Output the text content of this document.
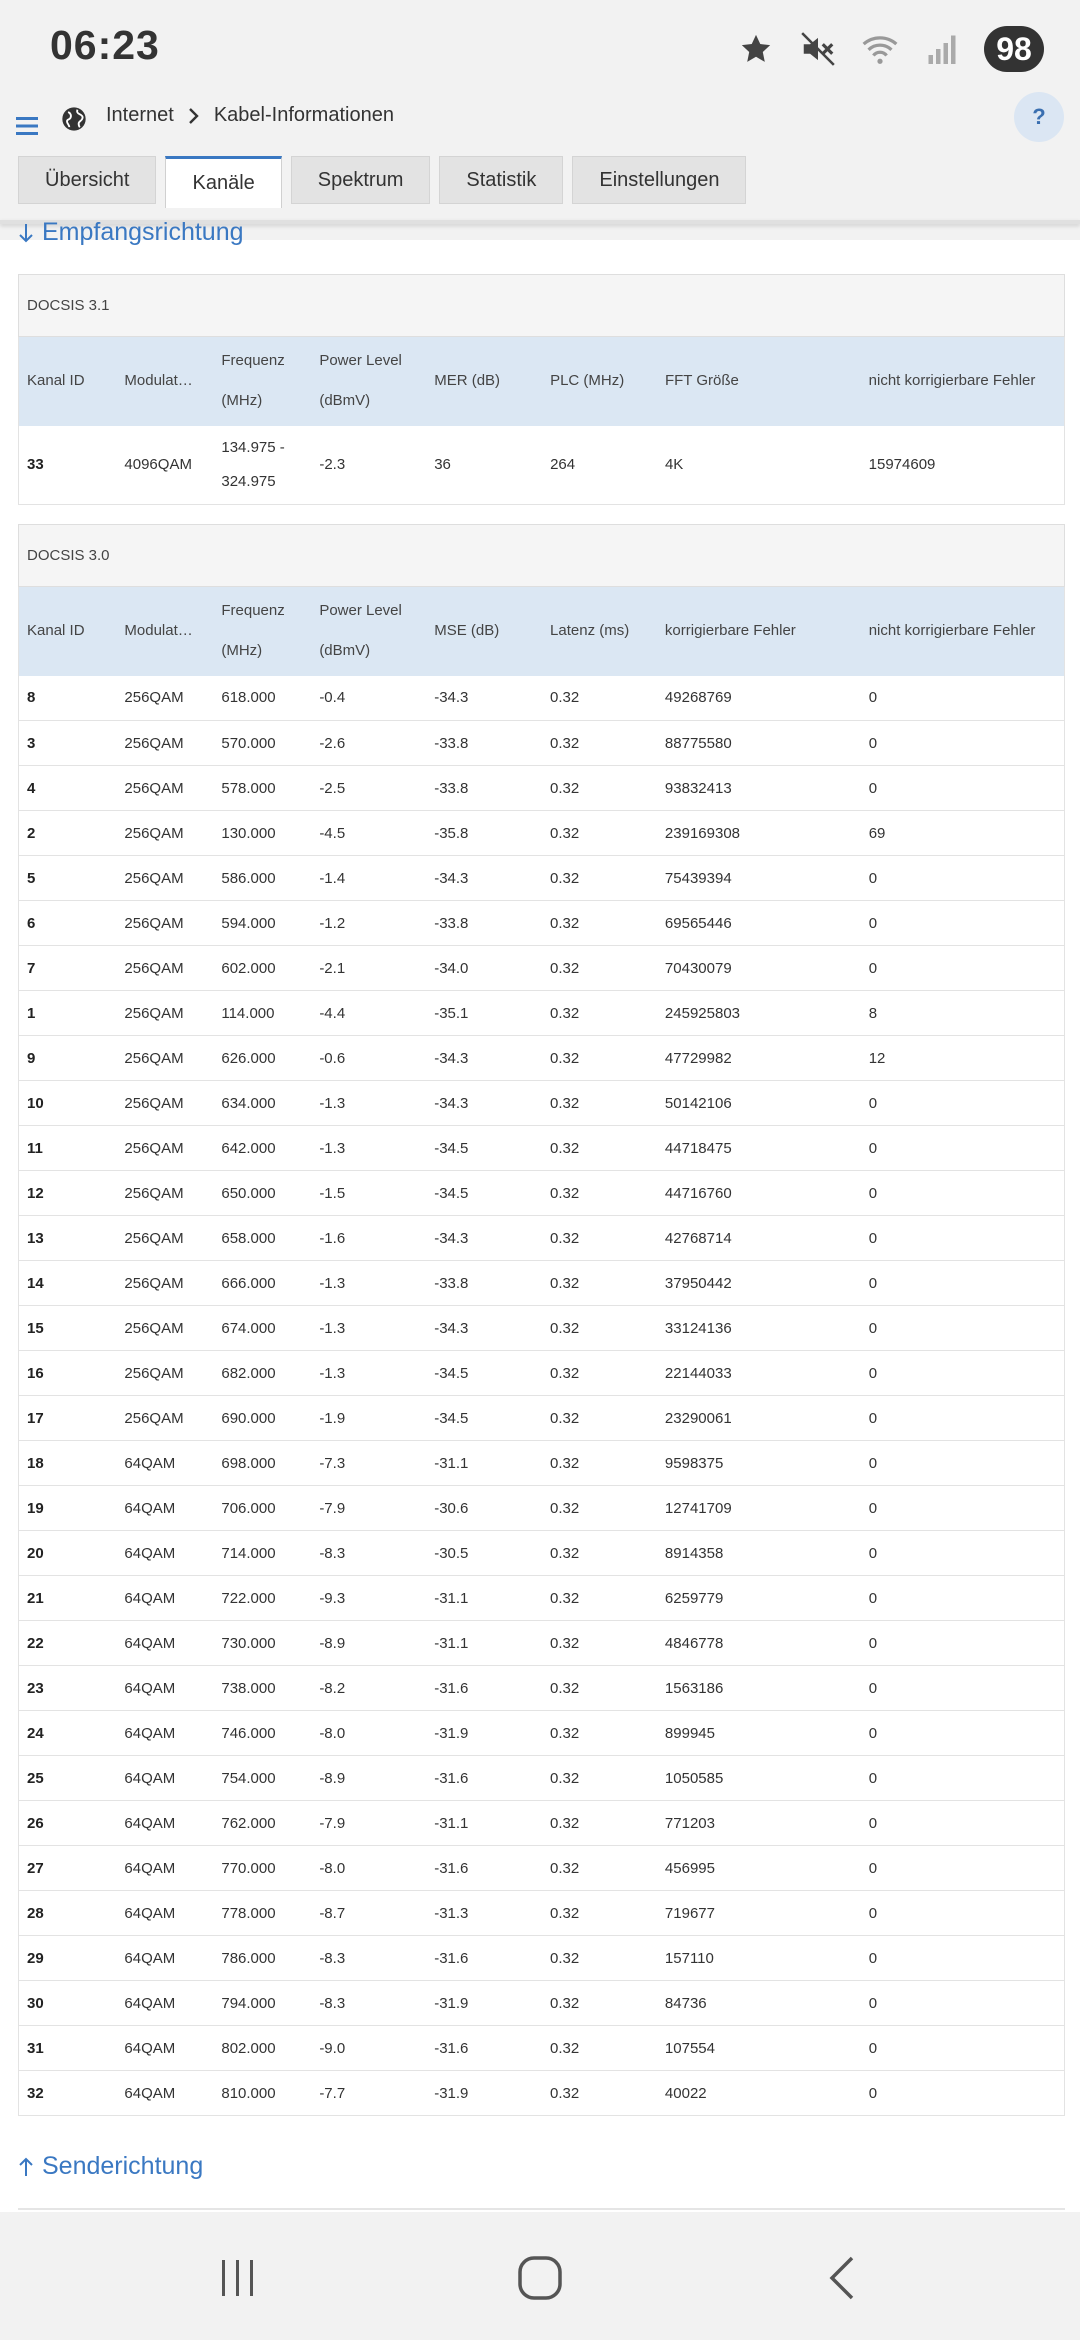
06:23	98
Internet Kabel-Informationen	?
Übersicht	Kanäle	Spektrum	Statistik	Einstellungen
Empfangsrichtung
DOCSIS 3.1							
Kanal ID	Modulat…	Frequenz (MHz)	Power Level (dBmV)	MER (dB)	PLC (MHz)	FFT Größe	nicht korrigierbare Fehler
33	4096QAM	134.975 - 324.975	-2.3	36	264	4K	15974609
DOCSIS 3.0							
Kanal ID	Modulat…	Frequenz (MHz)	Power Level (dBmV)	MSE (dB)	Latenz (ms)	korrigierbare Fehler	nicht korrigierbare Fehler
8	256QAM	618.000	-0.4	-34.3	0.32	49268769	0
3	256QAM	570.000	-2.6	-33.8	0.32	88775580	0
4	256QAM	578.000	-2.5	-33.8	0.32	93832413	0
2	256QAM	130.000	-4.5	-35.8	0.32	239169308	69
5	256QAM	586.000	-1.4	-34.3	0.32	75439394	0
6	256QAM	594.000	-1.2	-33.8	0.32	69565446	0
7	256QAM	602.000	-2.1	-34.0	0.32	70430079	0
1	256QAM	114.000	-4.4	-35.1	0.32	245925803	8
9	256QAM	626.000	-0.6	-34.3	0.32	47729982	12
10	256QAM	634.000	-1.3	-34.3	0.32	50142106	0
11	256QAM	642.000	-1.3	-34.5	0.32	44718475	0
12	256QAM	650.000	-1.5	-34.5	0.32	44716760	0
13	256QAM	658.000	-1.6	-34.3	0.32	42768714	0
14	256QAM	666.000	-1.3	-33.8	0.32	37950442	0
15	256QAM	674.000	-1.3	-34.3	0.32	33124136	0
16	256QAM	682.000	-1.3	-34.5	0.32	22144033	0
17	256QAM	690.000	-1.9	-34.5	0.32	23290061	0
18	64QAM	698.000	-7.3	-31.1	0.32	9598375	0
19	64QAM	706.000	-7.9	-30.6	0.32	12741709	0
20	64QAM	714.000	-8.3	-30.5	0.32	8914358	0
21	64QAM	722.000	-9.3	-31.1	0.32	6259779	0
22	64QAM	730.000	-8.9	-31.1	0.32	4846778	0
23	64QAM	738.000	-8.2	-31.6	0.32	1563186	0
24	64QAM	746.000	-8.0	-31.9	0.32	899945	0
25	64QAM	754.000	-8.9	-31.6	0.32	1050585	0
26	64QAM	762.000	-7.9	-31.1	0.32	771203	0
27	64QAM	770.000	-8.0	-31.6	0.32	456995	0
28	64QAM	778.000	-8.7	-31.3	0.32	719677	0
29	64QAM	786.000	-8.3	-31.6	0.32	157110	0
30	64QAM	794.000	-8.3	-31.9	0.32	84736	0
31	64QAM	802.000	-9.0	-31.6	0.32	107554	0
32	64QAM	810.000	-7.7	-31.9	0.32	40022	0
Senderichtung
